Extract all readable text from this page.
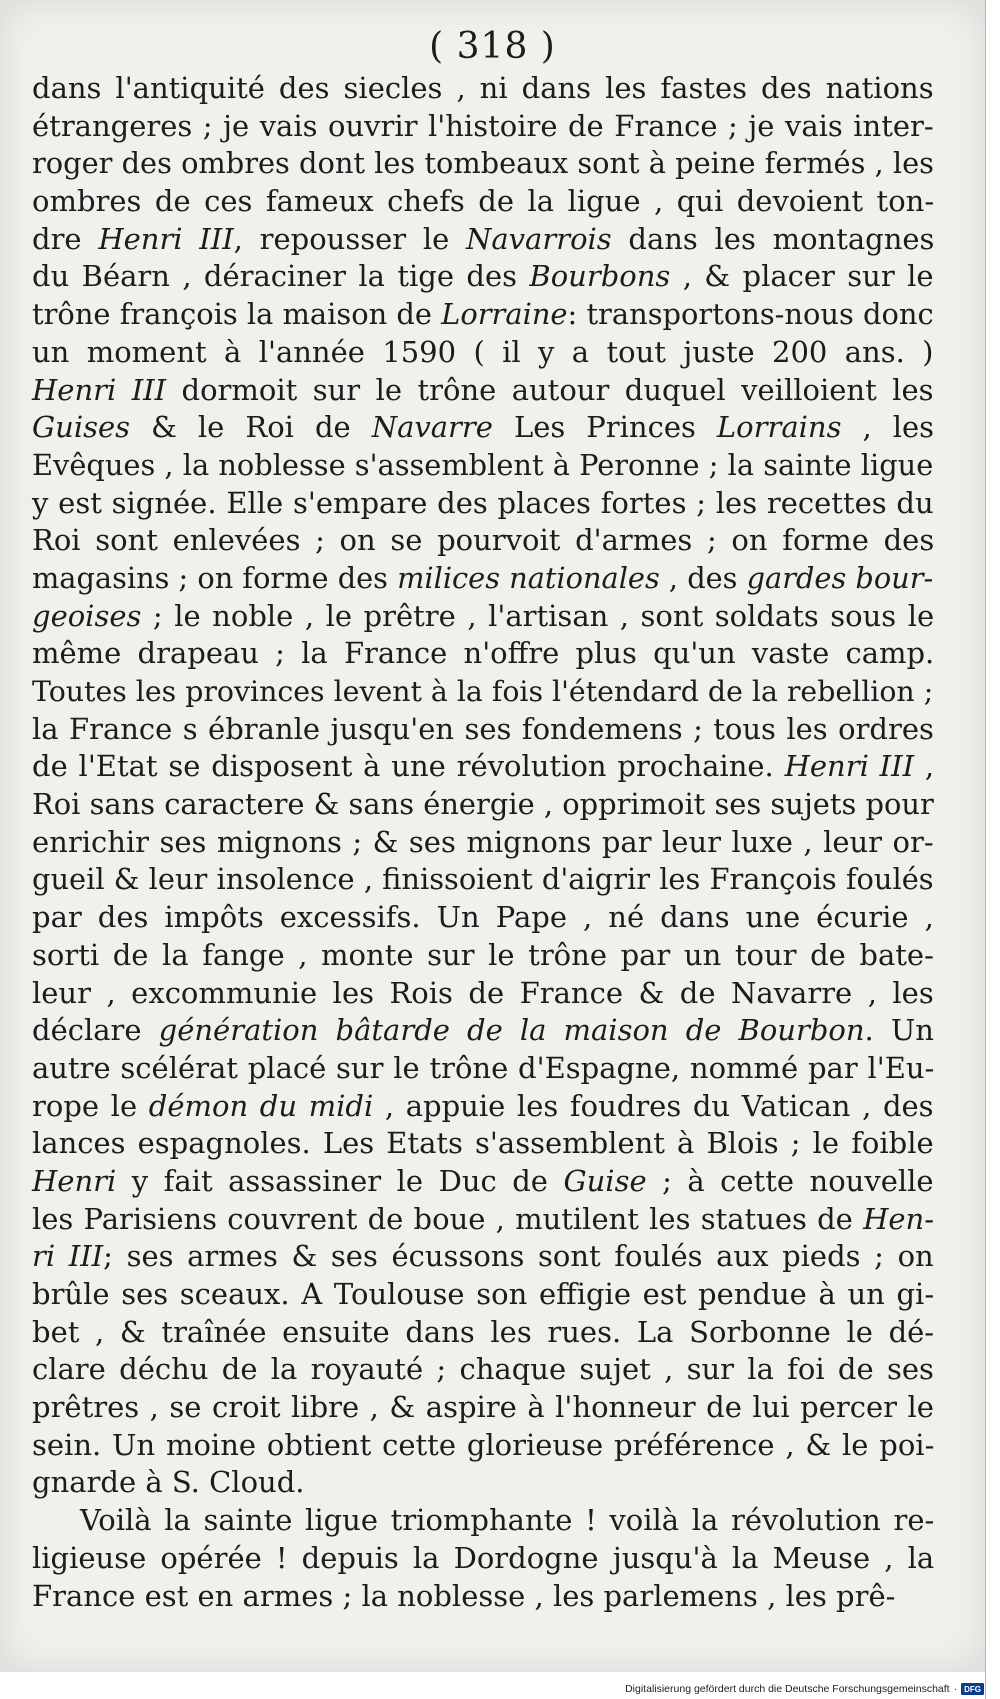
( 318 )
dans l'antiquité des siecles , ni dans les fastes des nations
étrangeres ; je vais ouvrir l'histoire de France ; je vais inter-
roger des ombres dont les tombeaux sont à peine fermés , les
ombres de ces fameux chefs de la ligue , qui devoient ton-
dre Henri III, repousser le Navarrois dans les montagnes
du Béarn , déraciner la tige des Bourbons , & placer sur le
trône françois la maison de Lorraine: transportons-nous donc
un moment à l'année 1590 ( il y a tout juste 200 ans. )
Henri III dormoit sur le trône autour duquel veilloient les
Guises & le Roi de Navarre Les Princes Lorrains , les
Evêques , la noblesse s'assemblent à Peronne ; la sainte ligue
y est signée. Elle s'empare des places fortes ; les recettes du
Roi sont enlevées ; on se pourvoit d'armes ; on forme des
magasins ; on forme des milices nationales , des gardes bour-
geoises ; le noble , le prêtre , l'artisan , sont soldats sous le
même drapeau ; la France n'offre plus qu'un vaste camp.
Toutes les provinces levent à la fois l'étendard de la rebellion ;
la France s ébranle jusqu'en ses fondemens ; tous les ordres
de l'Etat se disposent à une révolution prochaine. Henri III ,
Roi sans caractere & sans énergie , opprimoit ses sujets pour
enrichir ses mignons ; & ses mignons par leur luxe , leur or-
gueil & leur insolence , finissoient d'aigrir les François foulés
par des impôts excessifs. Un Pape , né dans une écurie ,
sorti de la fange , monte sur le trône par un tour de bate-
leur , excommunie les Rois de France & de Navarre , les
déclare génération bâtarde de la maison de Bourbon. Un
autre scélérat placé sur le trône d'Espagne, nommé par l'Eu-
rope le démon du midi , appuie les foudres du Vatican , des
lances espagnoles. Les Etats s'assemblent à Blois ; le foible
Henri y fait assassiner le Duc de Guise ; à cette nouvelle
les Parisiens couvrent de boue , mutilent les statues de Hen-
ri III; ses armes & ses écussons sont foulés aux pieds ; on
brûle ses sceaux. A Toulouse son effigie est pendue à un gi-
bet , & traînée ensuite dans les rues. La Sorbonne le dé-
clare déchu de la royauté ; chaque sujet , sur la foi de ses
prêtres , se croit libre , & aspire à l'honneur de lui percer le
sein. Un moine obtient cette glorieuse préférence , & le poi-
gnarde à S. Cloud.
Voilà la sainte ligue triomphante ! voilà la révolution re-
ligieuse opérée ! depuis la Dordogne jusqu'à la Meuse , la
France est en armes ; la noblesse , les parlemens , les prê-
Digitalisierung gefördert durch die Deutsche Forschungsgemeinschaft · DFG
